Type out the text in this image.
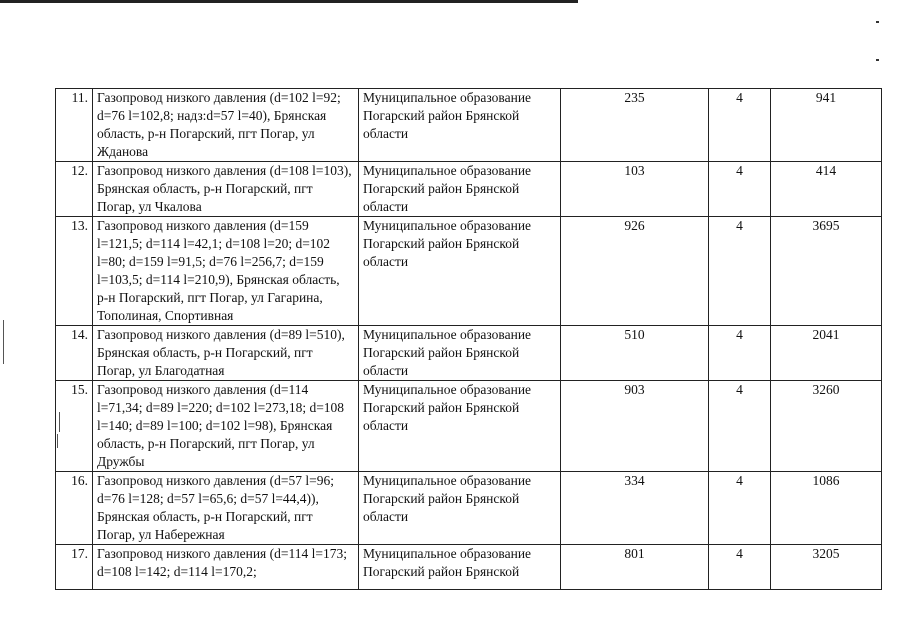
11.	Газопровод низкого давления (d=102 l=92; d=76 l=102,8; надз:d=57 l=40), Брянская область, р-н Погарский, пгт Погар, ул Жданова	Муниципальное образование Погарский район Брянской области	235	4	941
12.	Газопровод низкого давления (d=108 l=103), Брянская область, р-н Погарский, пгт Погар, ул Чкалова	Муниципальное образование Погарский район Брянской области	103	4	414
13.	Газопровод низкого давления (d=159 l=121,5; d=114 l=42,1; d=108 l=20; d=102 l=80; d=159 l=91,5; d=76 l=256,7; d=159 l=103,5; d=114 l=210,9), Брянская область, р-н Погарский, пгт Погар, ул Гагарина, Тополиная, Спортивная	Муниципальное образование Погарский район Брянской области	926	4	3695
14.	Газопровод низкого давления (d=89 l=510), Брянская область, р-н Погарский, пгт Погар, ул Благодатная	Муниципальное образование Погарский район Брянской области	510	4	2041
15.	Газопровод низкого давления (d=114 l=71,34; d=89 l=220; d=102 l=273,18; d=108 l=140; d=89 l=100; d=102 l=98), Брянская область, р-н Погарский, пгт Погар, ул Дружбы	Муниципальное образование Погарский район Брянской области	903	4	3260
16.	Газопровод низкого давления (d=57 l=96; d=76 l=128; d=57 l=65,6; d=57 l=44,4)), Брянская область, р-н Погарский, пгт Погар, ул Набережная	Муниципальное образование Погарский район Брянской области	334	4	1086
17.	Газопровод низкого давления (d=114 l=173; d=108 l=142; d=114 l=170,2;	Муниципальное образование Погарский район Брянской	801	4	3205
